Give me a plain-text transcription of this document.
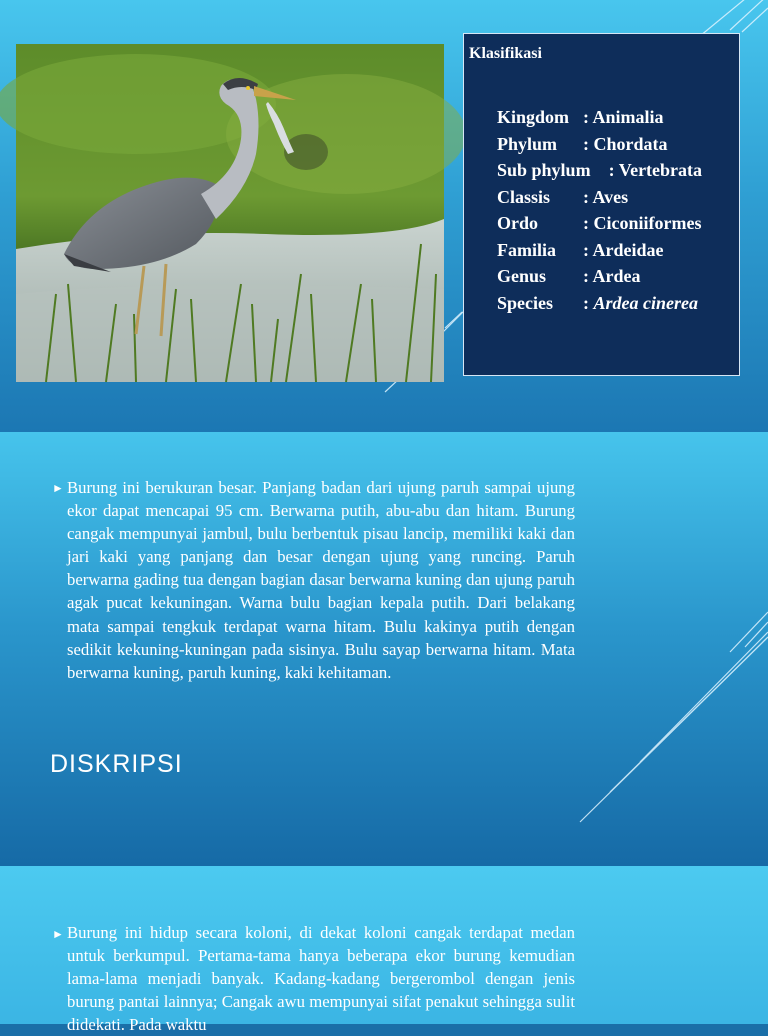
Klasifikasi
Kingdom : Animalia
Phylum : Chordata
Sub phylum : Vertebrata
Classis : Aves
Ordo : Ciconiiformes
Familia : Ardeidae
Genus : Ardea
Species : Ardea cinerea
► Burung ini berukuran besar. Panjang badan dari ujung paruh sampai ujung ekor dapat mencapai 95 cm. Berwarna putih, abu-abu dan hitam. Burung cangak mempunyai jambul, bulu berbentuk pisau lancip, memiliki kaki dan jari kaki yang panjang dan besar dengan ujung yang runcing. Paruh berwarna gading tua dengan bagian dasar berwarna kuning dan ujung paruh agak pucat kekuningan. Warna bulu bagian kepala putih. Dari belakang mata sampai tengkuk terdapat warna hitam. Bulu kakinya putih dengan sedikit kekuning-kuningan pada sisinya. Bulu sayap berwarna hitam. Mata berwarna kuning, paruh kuning, kaki kehitaman.
DISKRIPSI
► Burung ini hidup secara koloni, di dekat koloni cangak terdapat medan untuk berkumpul. Pertama-tama hanya beberapa ekor burung kemudian lama-lama menjadi banyak. Kadang-kadang bergerombol dengan jenis burung pantai lainnya; Cangak awu mempunyai sifat penakut sehingga sulit didekati. Pada waktu
